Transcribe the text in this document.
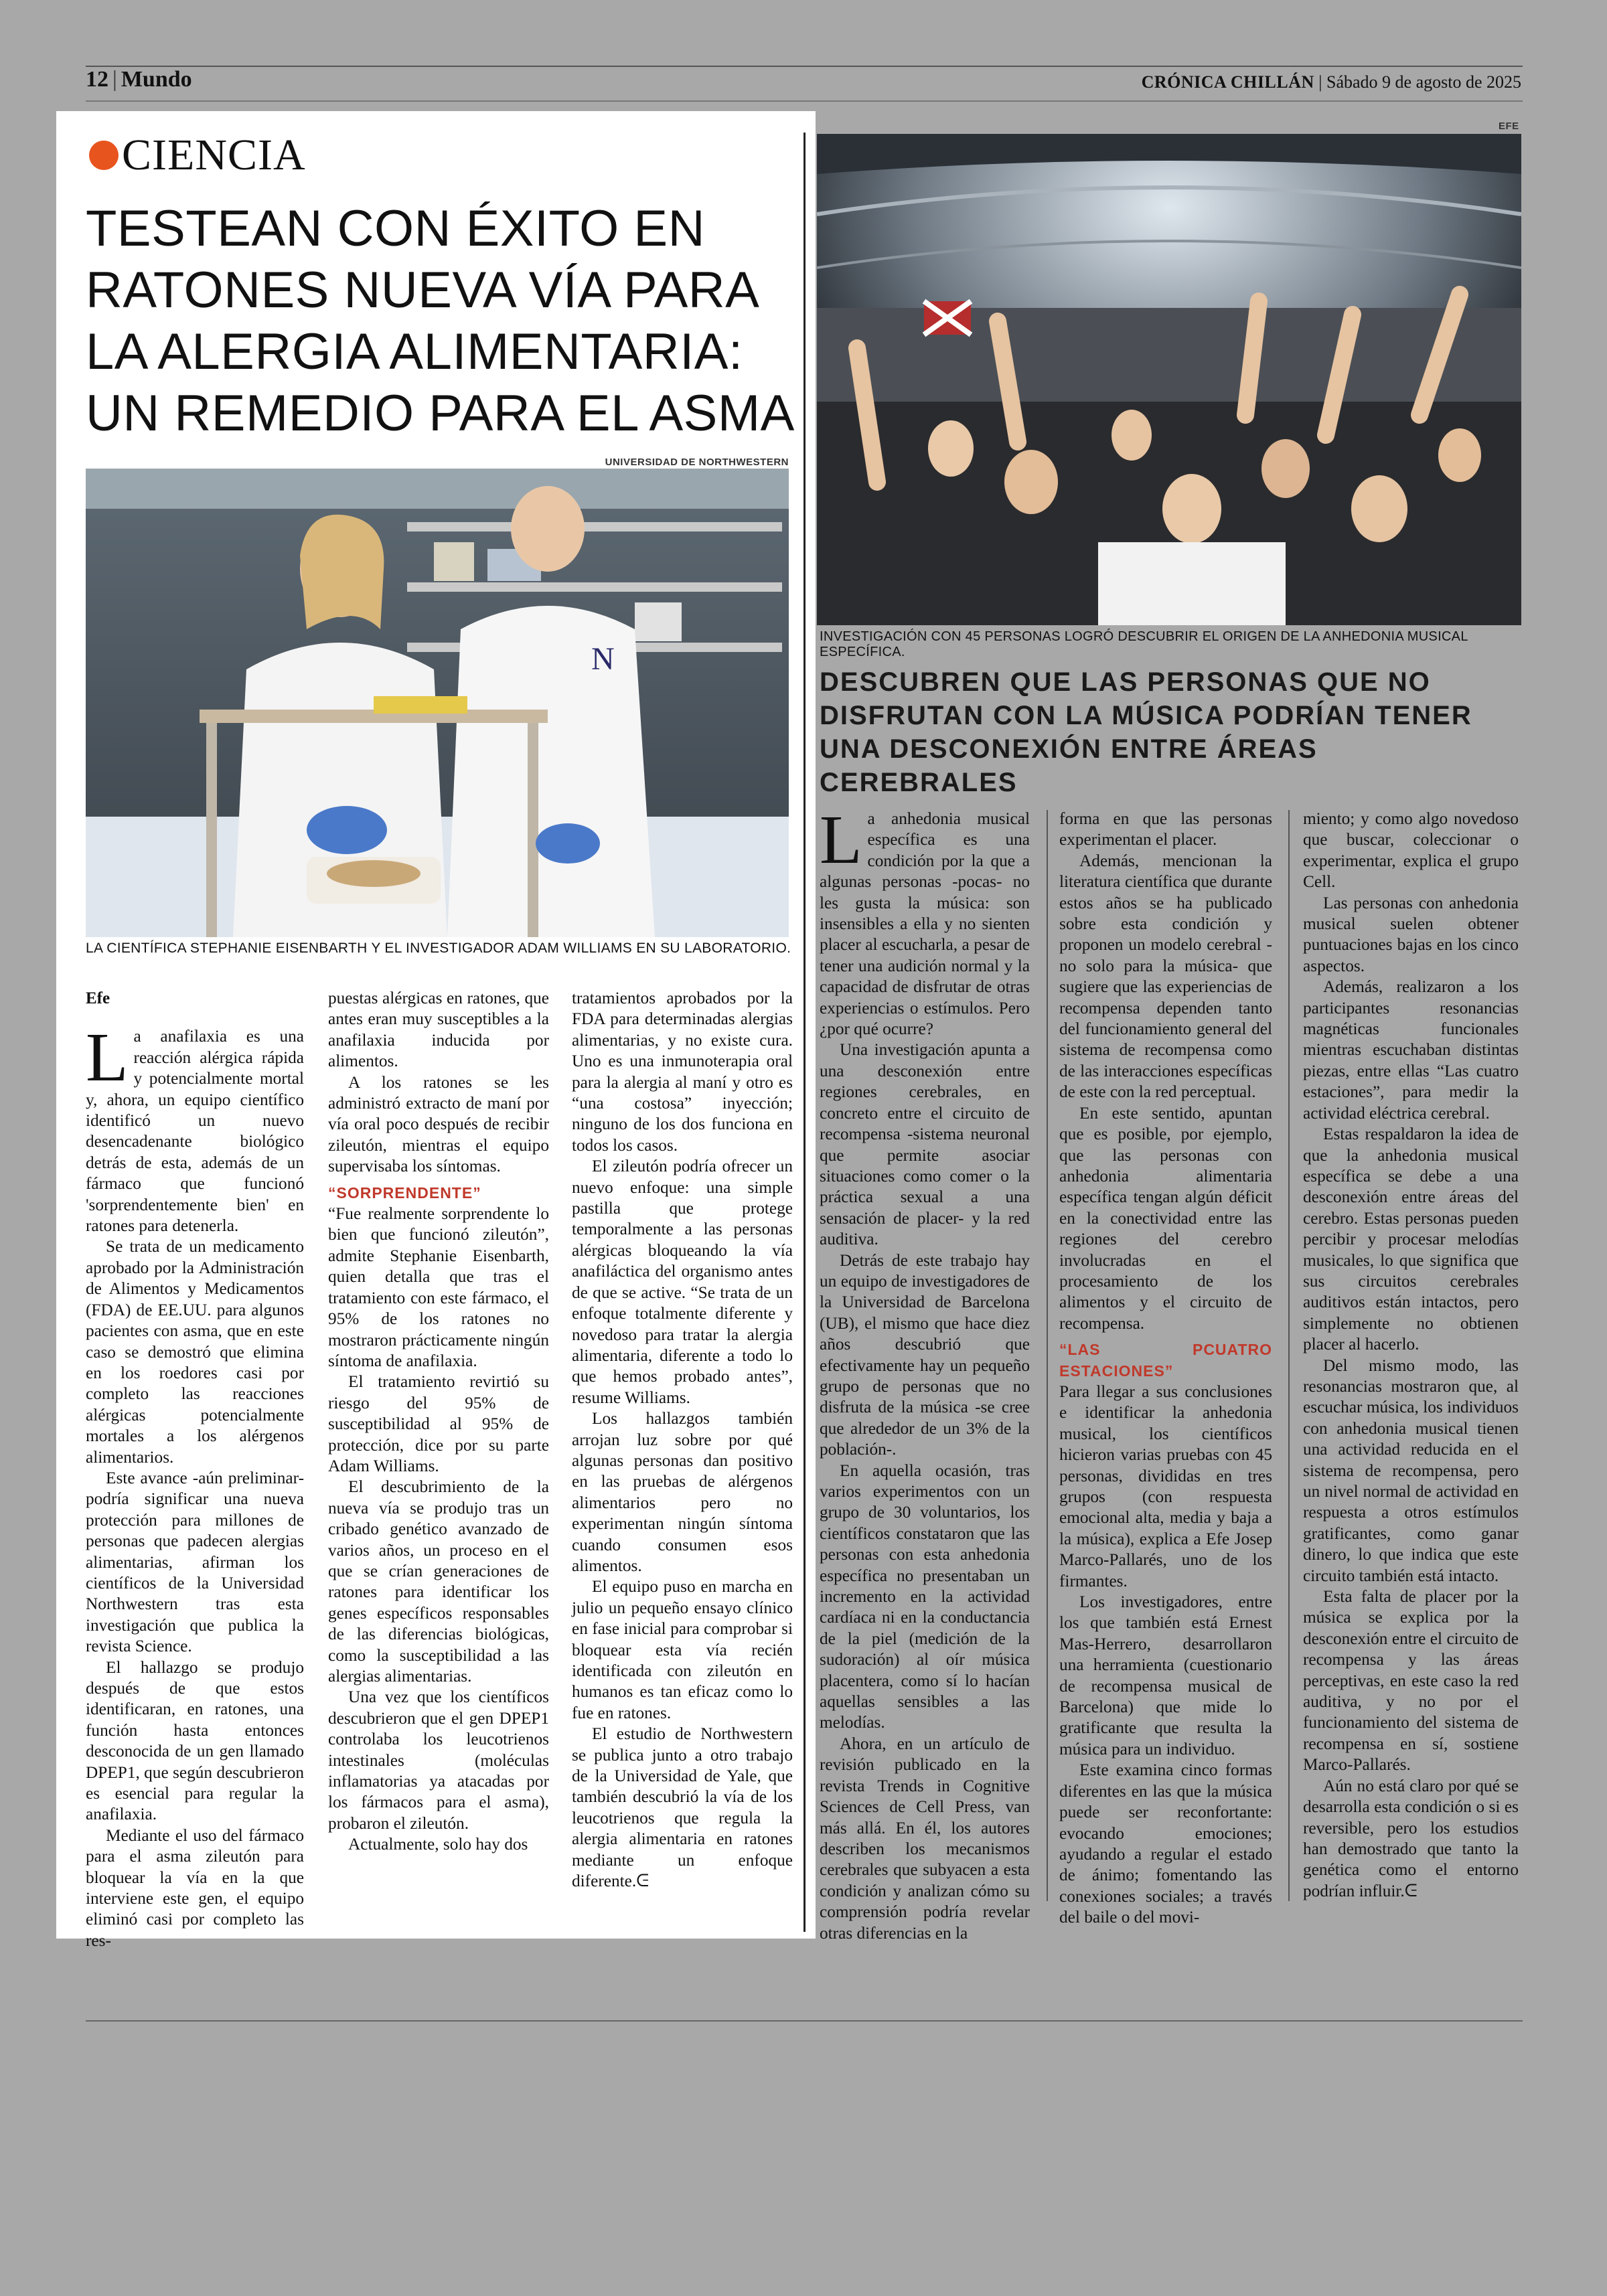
12 | Mundo	CRÓNICA CHILLÁN | Sábado 9 de agosto de 2025
CIENCIA
TESTEAN CON ÉXITO EN RATONES NUEVA VÍA PARA LA ALERGIA ALIMENTARIA: UN REMEDIO PARA EL ASMA
UNIVERSIDAD DE NORTHWESTERN
N
LA CIENTÍFICA STEPHANIE EISENBARTH Y EL INVESTIGADOR ADAM WILLIAMS EN SU LABORATORIO.

Efe

La anafilaxia es una reacción alérgica rápida y potencialmente mortal y, ahora, un equipo científico identificó un nuevo desencadenante biológico detrás de esta, además de un fármaco que funcionó 'sorprendentemente bien' en ratones para detenerla.

Se trata de un medicamento aprobado por la Administración de Alimentos y Medicamentos (FDA) de EE.UU. para algunos pacientes con asma, que en este caso se demostró que elimina en los roedores casi por completo las reacciones alérgicas potencialmente mortales a los alérgenos alimentarios.

Este avance -aún preliminar- podría significar una nueva protección para millones de personas que padecen alergias alimentarias, afirman los científicos de la Universidad Northwestern tras esta investigación que publica la revista Science.

El hallazgo se produjo después de que estos identificaran, en ratones, una función hasta entonces desconocida de un gen llamado DPEP1, que según descubrieron es esencial para regular la anafilaxia.

Mediante el uso del fármaco para el asma zileutón para bloquear la vía en la que interviene este gen, el equipo eliminó casi por completo las res-

puestas alérgicas en ratones, que antes eran muy susceptibles a la anafilaxia inducida por alimentos.

A los ratones se les administró extracto de maní por vía oral poco después de recibir zileutón, mientras el equipo supervisaba los síntomas.

“SORPRENDENTE”

“Fue realmente sorprendente lo bien que funcionó zileutón”, admite Stephanie Eisenbarth, quien detalla que tras el tratamiento con este fármaco, el 95% de los ratones no mostraron prácticamente ningún síntoma de anafilaxia.

El tratamiento revirtió su riesgo del 95% de susceptibilidad al 95% de protección, dice por su parte Adam Williams.

El descubrimiento de la nueva vía se produjo tras un cribado genético avanzado de varios años, un proceso en el que se crían generaciones de ratones para identificar los genes específicos responsables de las diferencias biológicas, como la susceptibilidad a las alergias alimentarias.

Una vez que los científicos descubrieron que el gen DPEP1 controlaba los leucotrienos intestinales (moléculas inflamatorias ya atacadas por los fármacos para el asma), probaron el zileutón.

Actualmente, solo hay dos

tratamientos aprobados por la FDA para determinadas alergias alimentarias, y no existe cura. Uno es una inmunoterapia oral para la alergia al maní y otro es “una costosa” inyección; ninguno de los dos funciona en todos los casos.

El zileutón podría ofrecer un nuevo enfoque: una simple pastilla que protege temporalmente a las personas alérgicas bloqueando la vía anafiláctica del organismo antes de que se active. “Se trata de un enfoque totalmente diferente y novedoso para tratar la alergia alimentaria, diferente a todo lo que hemos probado antes”, resume Williams.

Los hallazgos también arrojan luz sobre por qué algunas personas dan positivo en las pruebas de alérgenos alimentarios pero no experimentan ningún síntoma cuando consumen esos alimentos.

El equipo puso en marcha en julio un pequeño ensayo clínico en fase inicial para comprobar si bloquear esta vía recién identificada con zileutón en humanos es tan eficaz como lo fue en ratones.

El estudio de Northwestern se publica junto a otro trabajo de la Universidad de Yale, que también descubrió la vía de los leucotrienos que regula la alergia alimentaria en ratones mediante un enfoque diferente.ᕮ

EFE
INVESTIGACIÓN CON 45 PERSONAS LOGRÓ DESCUBRIR EL ORIGEN DE LA ANHEDONIA MUSICAL ESPECÍFICA.
DESCUBREN QUE LAS PERSONAS QUE NO DISFRUTAN CON LA MÚSICA PODRÍAN TENER UNA DESCONEXIÓN ENTRE ÁREAS CEREBRALES

La anhedonia musical específica es una condición por la que a algunas personas -pocas- no les gusta la música: son insensibles a ella y no sienten placer al escucharla, a pesar de tener una audición normal y la capacidad de disfrutar de otras experiencias o estímulos. Pero ¿por qué ocurre?

Una investigación apunta a una desconexión entre regiones cerebrales, en concreto entre el circuito de recompensa -sistema neuronal que permite asociar situaciones como comer o la práctica sexual a una sensación de placer- y la red auditiva.

Detrás de este trabajo hay un equipo de investigadores de la Universidad de Barcelona (UB), el mismo que hace diez años descubrió que efectivamente hay un pequeño grupo de personas que no disfruta de la música -se cree que alrededor de un 3% de la población-.

En aquella ocasión, tras varios experimentos con un grupo de 30 voluntarios, los científicos constataron que las personas con esta anhedonia específica no presentaban un incremento en la actividad cardíaca ni en la conductancia de la piel (medición de la sudoración) al oír música placentera, como sí lo hacían aquellas sensibles a las melodías.

Ahora, en un artículo de revisión publicado en la revista Trends in Cognitive Sciences de Cell Press, van más allá. En él, los autores describen los mecanismos cerebrales que subyacen a esta condición y analizan cómo su comprensión podría revelar otras diferencias en la

forma en que las personas experimentan el placer.

Además, mencionan la literatura científica que durante estos años se ha publicado sobre esta condición y proponen un modelo cerebral -no solo para la música- que sugiere que las experiencias de recompensa dependen tanto del funcionamiento general del sistema de recompensa como de las interacciones específicas de este con la red perceptual.

En este sentido, apuntan que es posible, por ejemplo, que las personas con anhedonia alimentaria específica tengan algún déficit en la conectividad entre las regiones del cerebro involucradas en el procesamiento de los alimentos y el circuito de recompensa.

“LAS PCUATRO ESTACIONES”

Para llegar a sus conclusiones e identificar la anhedonia musical, los científicos hicieron varias pruebas con 45 personas, divididas en tres grupos (con respuesta emocional alta, media y baja a la música), explica a Efe Josep Marco-Pallarés, uno de los firmantes.

Los investigadores, entre los que también está Ernest Mas-Herrero, desarrollaron una herramienta (cuestionario de recompensa musical de Barcelona) que mide lo gratificante que resulta la música para un individuo.

Este examina cinco formas diferentes en las que la música puede ser reconfortante: evocando emociones; ayudando a regular el estado de ánimo; fomentando las conexiones sociales; a través del baile o del movi-

miento; y como algo novedoso que buscar, coleccionar o experimentar, explica el grupo Cell.

Las personas con anhedonia musical suelen obtener puntuaciones bajas en los cinco aspectos.

Además, realizaron a los participantes resonancias magnéticas funcionales mientras escuchaban distintas piezas, entre ellas “Las cuatro estaciones”, para medir la actividad eléctrica cerebral.

Estas respaldaron la idea de que la anhedonia musical específica se debe a una desconexión entre áreas del cerebro. Estas personas pueden percibir y procesar melodías musicales, lo que significa que sus circuitos cerebrales auditivos están intactos, pero simplemente no obtienen placer al hacerlo.

Del mismo modo, las resonancias mostraron que, al escuchar música, los individuos con anhedonia musical tienen una actividad reducida en el sistema de recompensa, pero un nivel normal de actividad en respuesta a otros estímulos gratificantes, como ganar dinero, lo que indica que este circuito también está intacto.

Esta falta de placer por la música se explica por la desconexión entre el circuito de recompensa y las áreas perceptivas, en este caso la red auditiva, y no por el funcionamiento del sistema de recompensa en sí, sostiene Marco-Pallarés.

Aún no está claro por qué se desarrolla esta condición o si es reversible, pero los estudios han demostrado que tanto la genética como el entorno podrían influir.ᕮ
